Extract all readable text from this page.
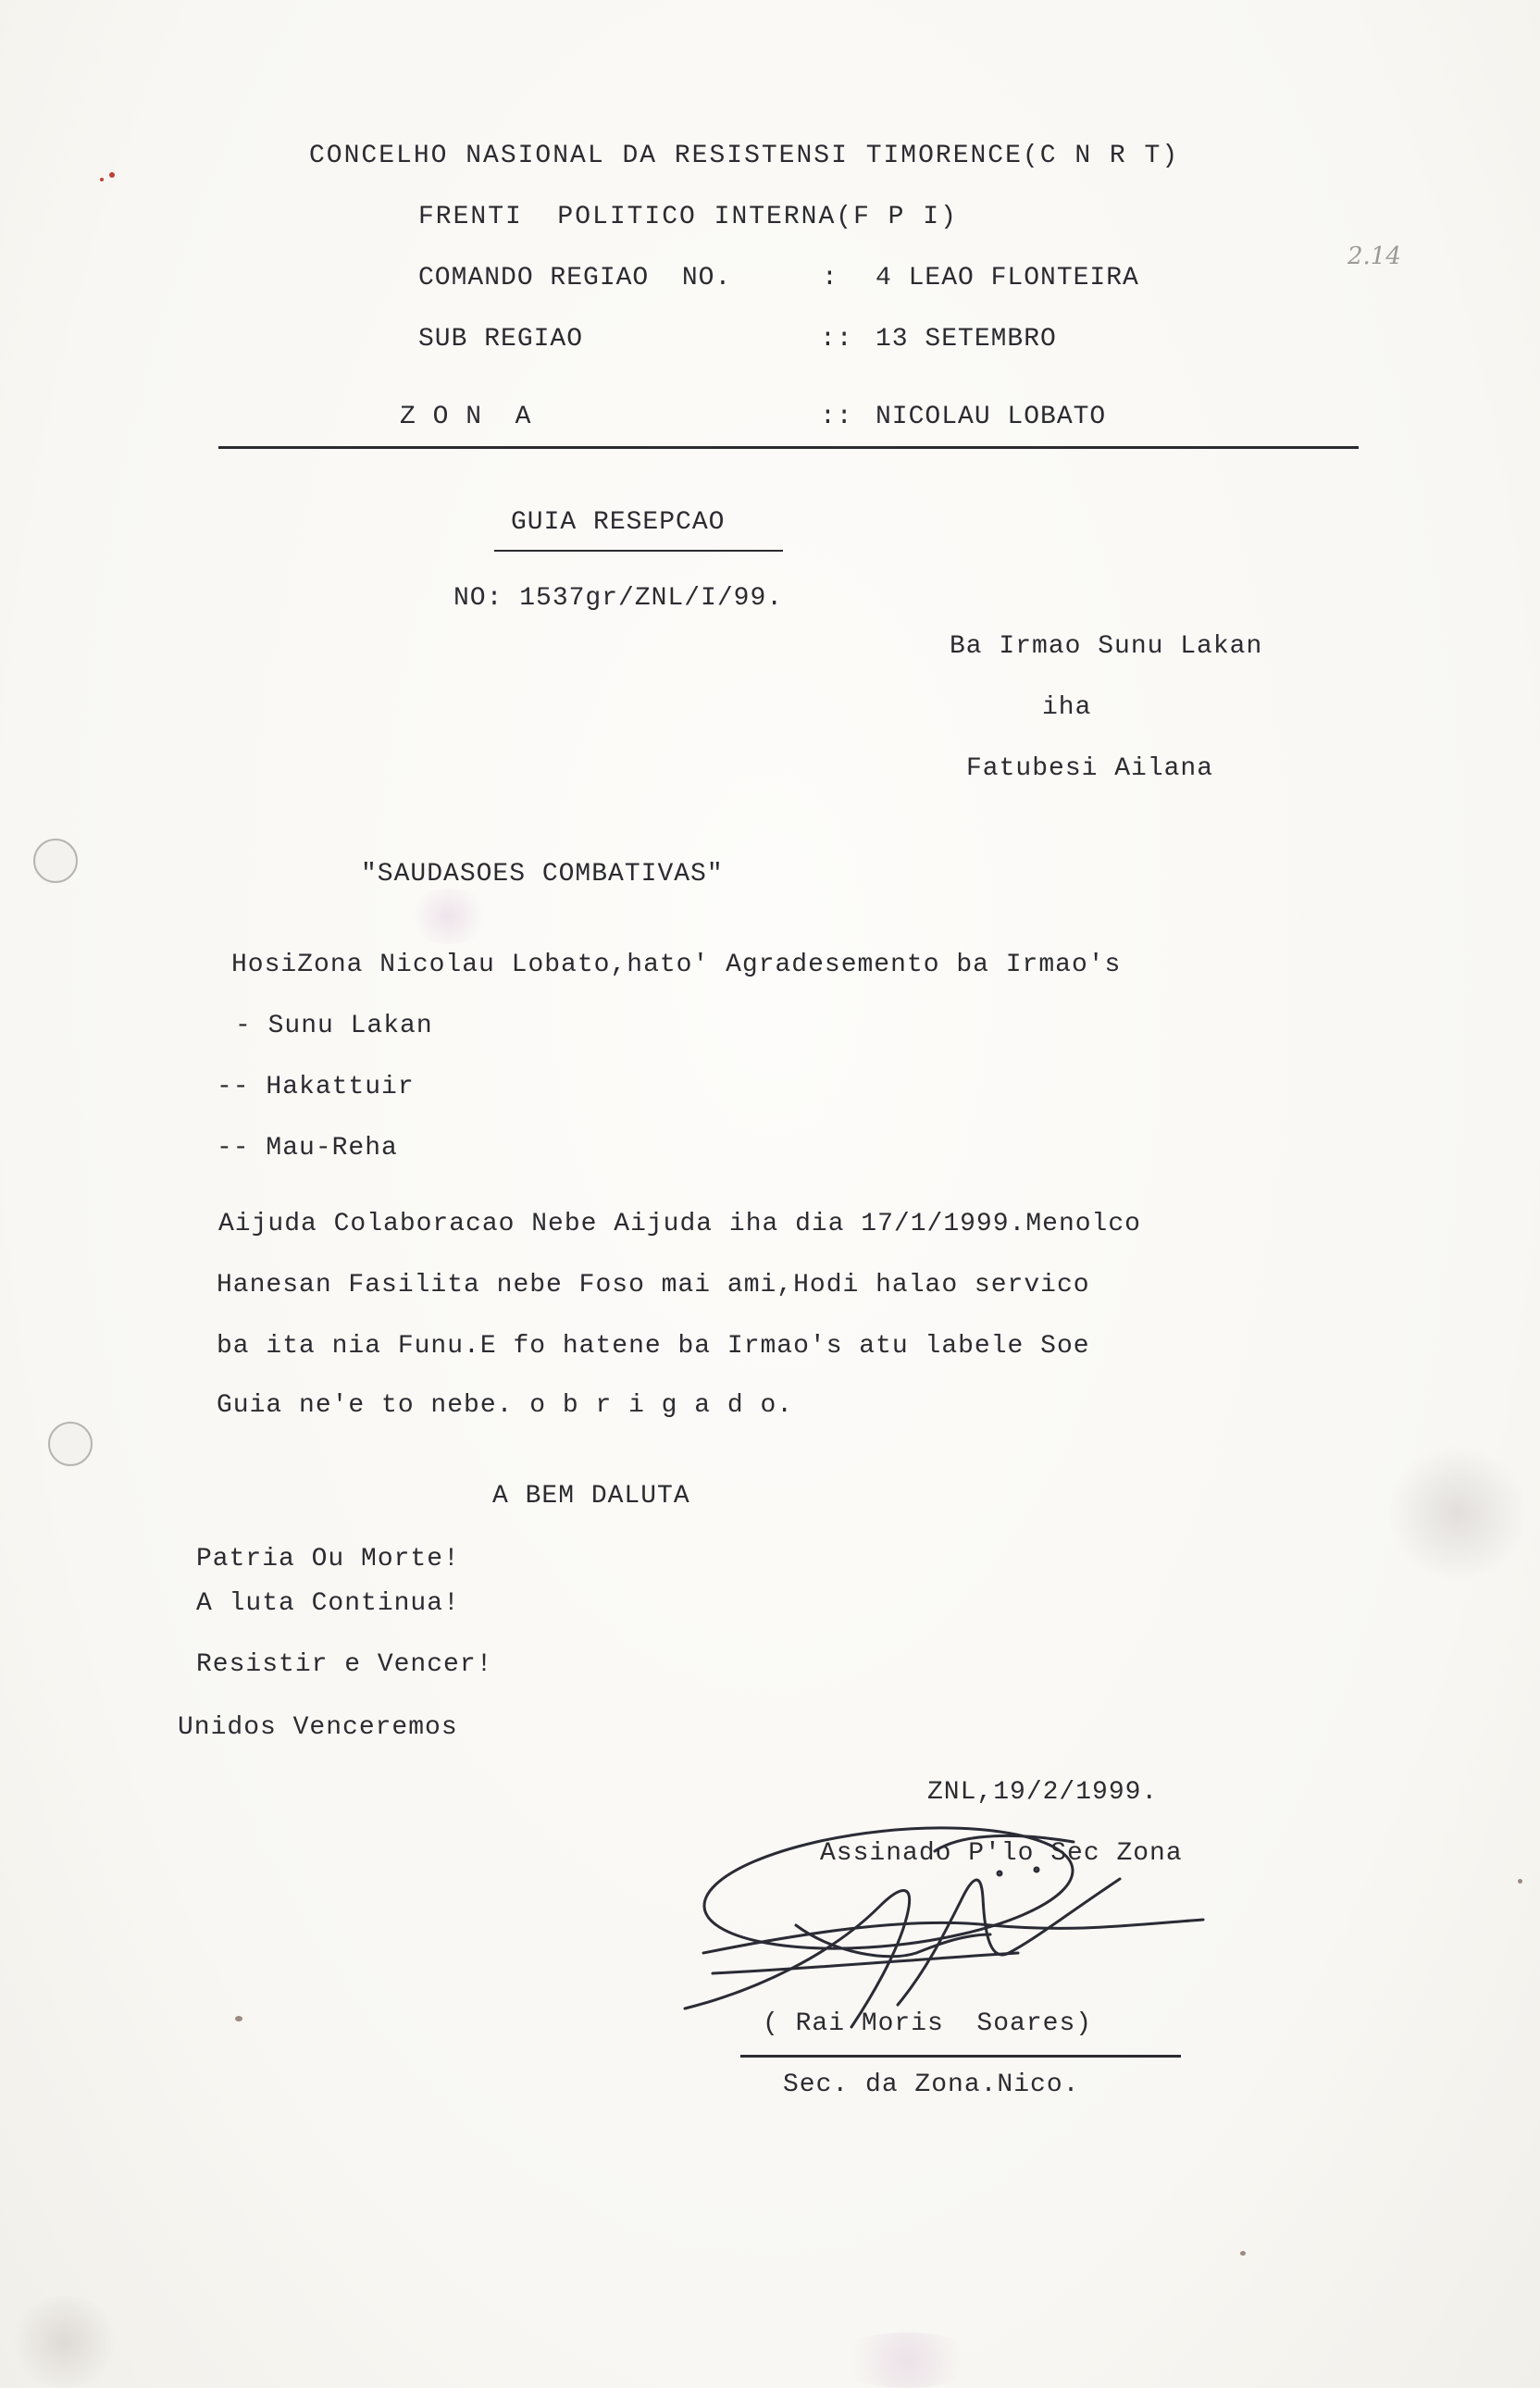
2.14
CONCELHO NASIONAL DA RESISTENSI TIMORENCE(C N R T)
FRENTI  POLITICO INTERNA(F P I)
COMANDO REGIAO  NO.	: 4 LEAO FLONTEIRA
SUB REGIAO	:: 13 SETEMBRO
Z O N  A	:: NICOLAU LOBATO
GUIA RESEPCAO
NO: 1537gr/ZNL/I/99.
Ba Irmao Sunu Lakan
iha
Fatubesi Ailana
"SAUDASOES COMBATIVAS"
HosiZona Nicolau Lobato,hato' Agradesemento ba Irmao's
- Sunu Lakan
-- Hakattuir
-- Mau-Reha
Aijuda Colaboracao Nebe Aijuda iha dia 17/1/1999.Menolco
Hanesan Fasilita nebe Foso mai ami,Hodi halao servico
ba ita nia Funu.E fo hatene ba Irmao's atu labele Soe
Guia ne'e to nebe. o b r i g a d o.
A BEM DALUTA
Patria Ou Morte!
A luta Continua!
Resistir e Vencer!
Unidos Venceremos
ZNL,19/2/1999.
Assinado P'lo Sec Zona
( Rai Moris  Soares)
Sec. da Zona.Nico.
